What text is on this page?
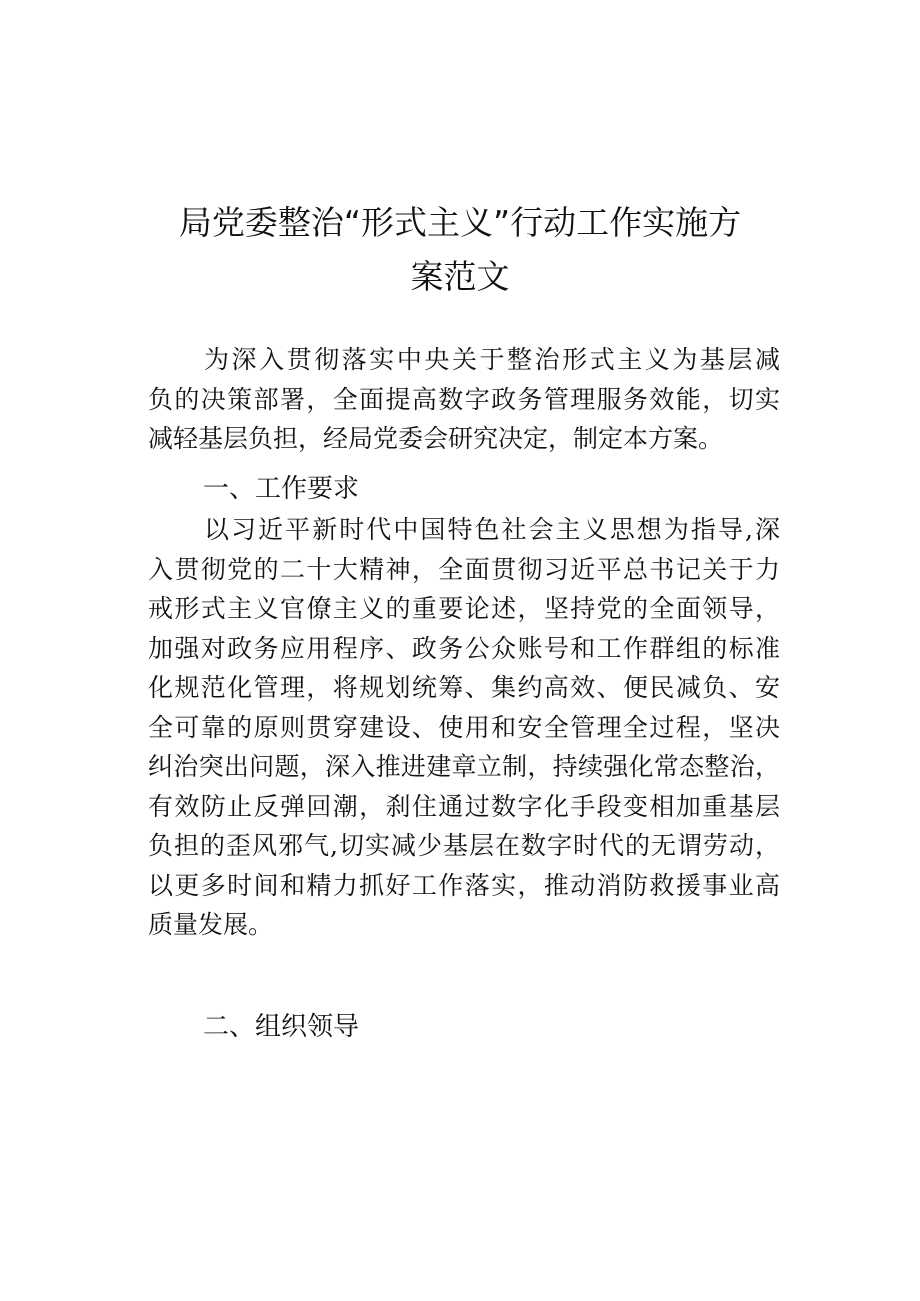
局党委整治“形式主义”行动工作实施方
案范文
为深入贯彻落实中央关于整治形式主义为基层减
负的决策部署，全面提高数字政务管理服务效能，切实
减轻基层负担，经局党委会研究决定，制定本方案。
一、工作要求
以习近平新时代中国特色社会主义思想为指导,深
入贯彻党的二十大精神，全面贯彻习近平总书记关于力
戒形式主义官僚主义的重要论述，坚持党的全面领导，
加强对政务应用程序、政务公众账号和工作群组的标准
化规范化管理，将规划统筹、集约高效、便民减负、安
全可靠的原则贯穿建设、使用和安全管理全过程，坚决
纠治突出问题，深入推进建章立制，持续强化常态整治，
有效防止反弹回潮，刹住通过数字化手段变相加重基层
负担的歪风邪气,切实减少基层在数字时代的无谓劳动，
以更多时间和精力抓好工作落实，推动消防救援事业高
质量发展。
二、组织领导
